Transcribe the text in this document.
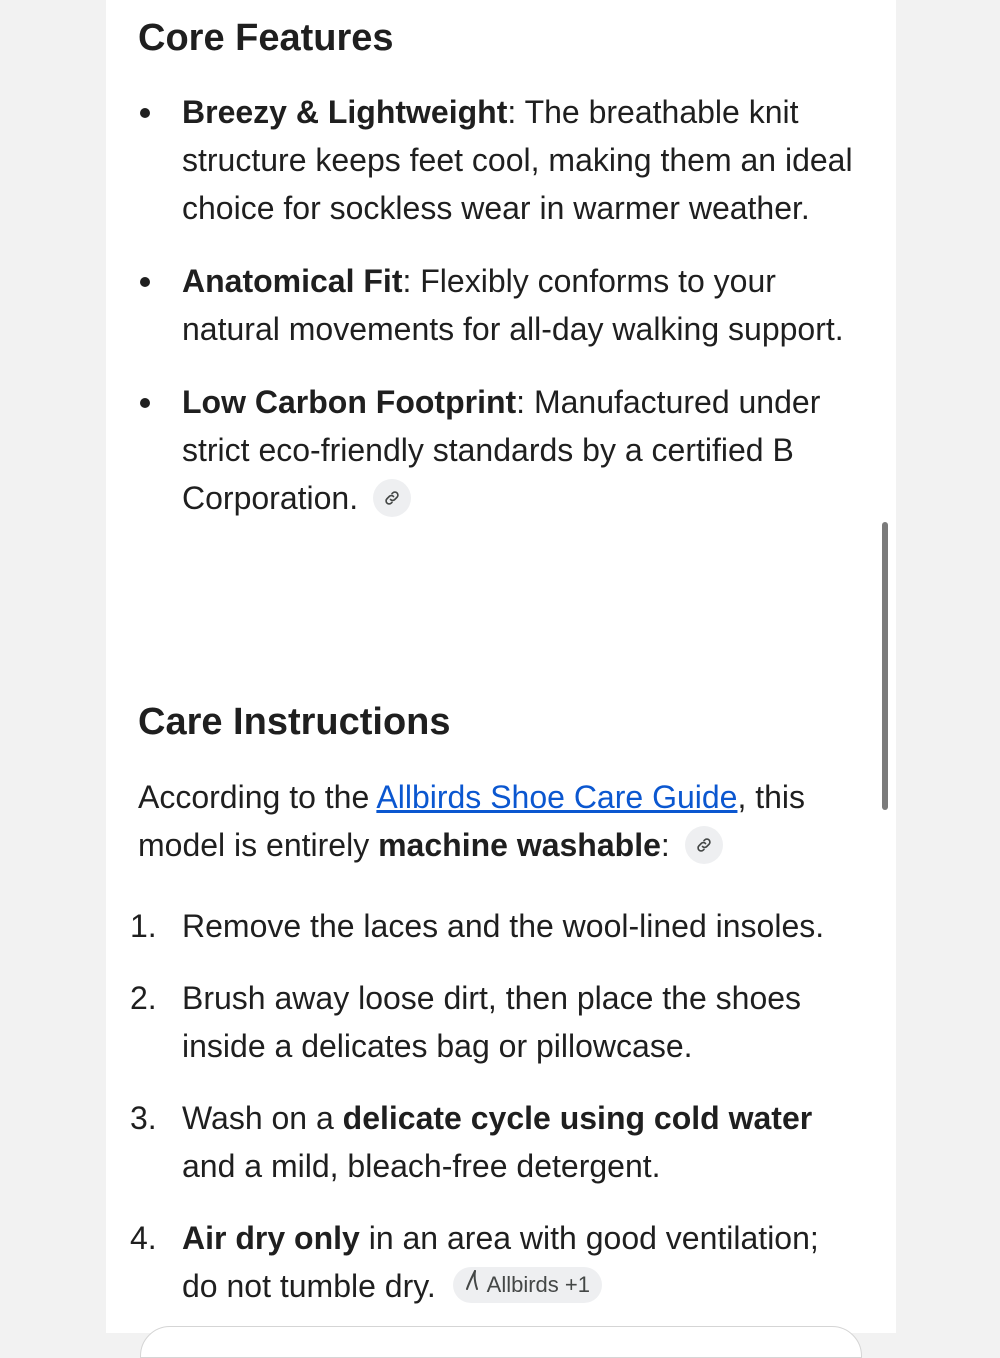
Core Features
Breezy & Lightweight: The breathable knit structure keeps feet cool, making them an ideal choice for sockless wear in warmer weather.
Anatomical Fit: Flexibly conforms to your natural movements for all-day walking support.
Low Carbon Footprint: Manufactured under strict eco-friendly standards by a certified B Corporation.
Care Instructions
According to the Allbirds Shoe Care Guide, this model is entirely machine washable:
1. Remove the laces and the wool-lined insoles.
2. Brush away loose dirt, then place the shoes inside a delicates bag or pillowcase.
3. Wash on a delicate cycle using cold water and a mild, bleach-free detergent.
4. Air dry only in an area with good ventilation; do not tumble dry. Allbirds +1
